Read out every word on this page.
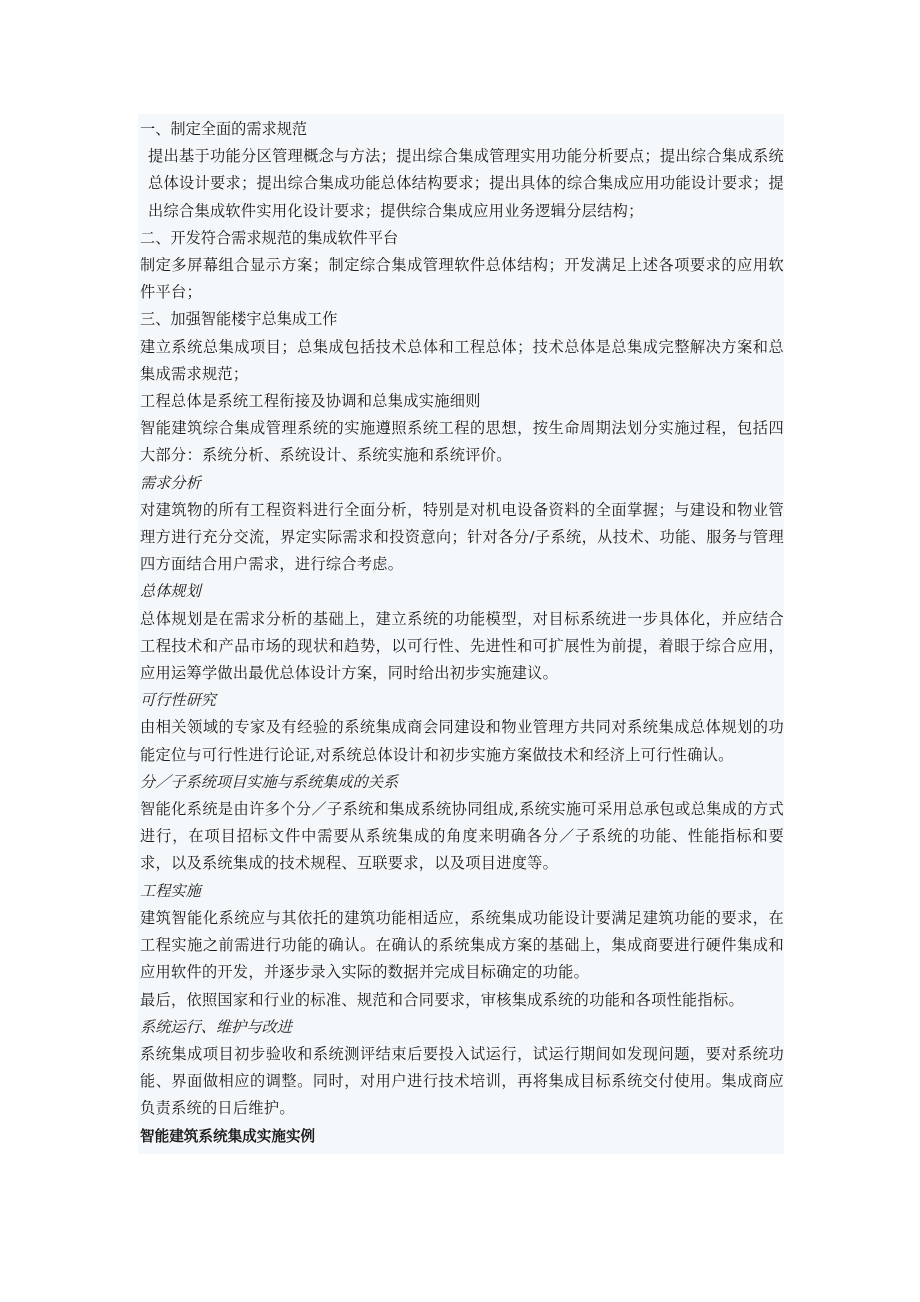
一、制定全面的需求规范
提出基于功能分区管理概念与方法；提出综合集成管理实用功能分析要点；提出综合集成系统总体设计要求；提出综合集成功能总体结构要求；提出具体的综合集成应用功能设计要求；提出综合集成软件实用化设计要求；提供综合集成应用业务逻辑分层结构；
二、开发符合需求规范的集成软件平台
制定多屏幕组合显示方案；制定综合集成管理软件总体结构；开发满足上述各项要求的应用软件平台；
三、加强智能楼宇总集成工作
建立系统总集成项目；总集成包括技术总体和工程总体；技术总体是总集成完整解决方案和总集成需求规范；
工程总体是系统工程衔接及协调和总集成实施细则
智能建筑综合集成管理系统的实施遵照系统工程的思想，按生命周期法划分实施过程，包括四大部分：系统分析、系统设计、系统实施和系统评价。
需求分析
对建筑物的所有工程资料进行全面分析，特别是对机电设备资料的全面掌握；与建设和物业管理方进行充分交流，界定实际需求和投资意向；针对各分/子系统，从技术、功能、服务与管理四方面结合用户需求，进行综合考虑。
总体规划
总体规划是在需求分析的基础上，建立系统的功能模型，对目标系统进一步具体化，并应结合工程技术和产品市场的现状和趋势，以可行性、先进性和可扩展性为前提，着眼于综合应用，应用运筹学做出最优总体设计方案，同时给出初步实施建议。
可行性研究
由相关领域的专家及有经验的系统集成商会同建设和物业管理方共同对系统集成总体规划的功能定位与可行性进行论证,对系统总体设计和初步实施方案做技术和经济上可行性确认。
分／子系统项目实施与系统集成的关系
智能化系统是由许多个分／子系统和集成系统协同组成,系统实施可采用总承包或总集成的方式进行，在项目招标文件中需要从系统集成的角度来明确各分／子系统的功能、性能指标和要求，以及系统集成的技术规程、互联要求，以及项目进度等。
工程实施
建筑智能化系统应与其依托的建筑功能相适应，系统集成功能设计要满足建筑功能的要求，在工程实施之前需进行功能的确认。在确认的系统集成方案的基础上，集成商要进行硬件集成和应用软件的开发，并逐步录入实际的数据并完成目标确定的功能。
最后，依照国家和行业的标准、规范和合同要求，审核集成系统的功能和各项性能指标。
系统运行、维护与改进
系统集成项目初步验收和系统测评结束后要投入试运行，试运行期间如发现问题，要对系统功能、界面做相应的调整。同时，对用户进行技术培训，再将集成目标系统交付使用。集成商应负责系统的日后维护。
智能建筑系统集成实施实例
